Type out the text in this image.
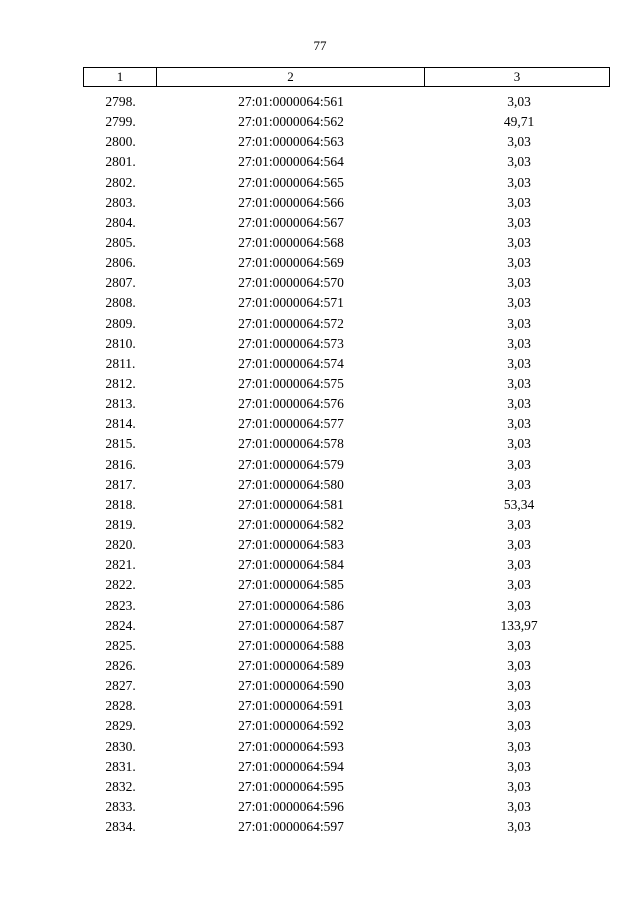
77
1	2	3
2798.	27:01:0000064:561	3,03
2799.	27:01:0000064:562	49,71
2800.	27:01:0000064:563	3,03
2801.	27:01:0000064:564	3,03
2802.	27:01:0000064:565	3,03
2803.	27:01:0000064:566	3,03
2804.	27:01:0000064:567	3,03
2805.	27:01:0000064:568	3,03
2806.	27:01:0000064:569	3,03
2807.	27:01:0000064:570	3,03
2808.	27:01:0000064:571	3,03
2809.	27:01:0000064:572	3,03
2810.	27:01:0000064:573	3,03
2811.	27:01:0000064:574	3,03
2812.	27:01:0000064:575	3,03
2813.	27:01:0000064:576	3,03
2814.	27:01:0000064:577	3,03
2815.	27:01:0000064:578	3,03
2816.	27:01:0000064:579	3,03
2817.	27:01:0000064:580	3,03
2818.	27:01:0000064:581	53,34
2819.	27:01:0000064:582	3,03
2820.	27:01:0000064:583	3,03
2821.	27:01:0000064:584	3,03
2822.	27:01:0000064:585	3,03
2823.	27:01:0000064:586	3,03
2824.	27:01:0000064:587	133,97
2825.	27:01:0000064:588	3,03
2826.	27:01:0000064:589	3,03
2827.	27:01:0000064:590	3,03
2828.	27:01:0000064:591	3,03
2829.	27:01:0000064:592	3,03
2830.	27:01:0000064:593	3,03
2831.	27:01:0000064:594	3,03
2832.	27:01:0000064:595	3,03
2833.	27:01:0000064:596	3,03
2834.	27:01:0000064:597	3,03
